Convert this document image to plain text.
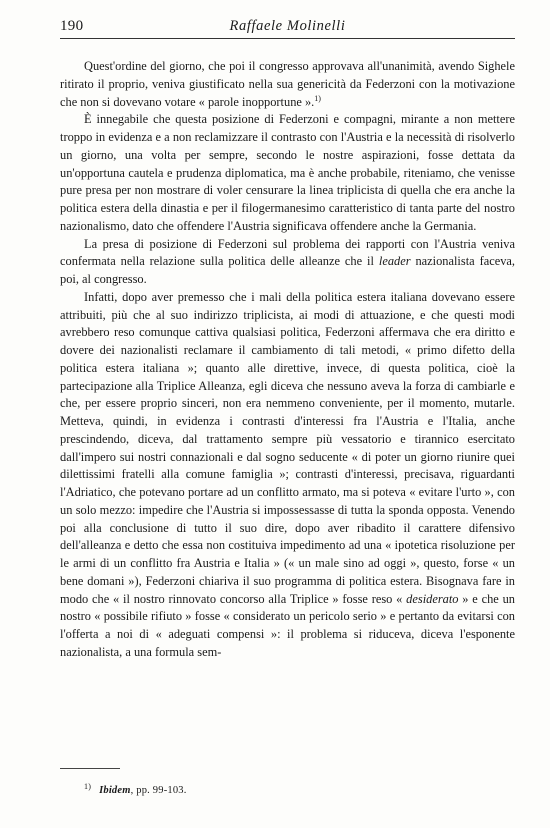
190	Raffaele Molinelli

Quest'ordine del giorno, che poi il congresso approvava all'unanimità, avendo Sighele ritirato il proprio, veniva giustificato nella sua genericità da Federzoni con la motivazione che non si dovevano votare « parole inopportune ».$^{1)}$

È innegabile che questa posizione di Federzoni e compagni, mirante a non mettere troppo in evidenza e a non reclamizzare il contrasto con l'Austria e la necessità di risolverlo un giorno, una volta per sempre, secondo le nostre aspirazioni, fosse dettata da un'opportuna cautela e prudenza diplomatica, ma è anche probabile, riteniamo, che venisse pure presa per non mostrare di voler censurare la linea triplicista di quella che era anche la politica estera della dinastia e per il filogermanesimo caratteristico di tanta parte del nostro nazionalismo, dato che offendere l'Austria significava offendere anche la Germania.

La presa di posizione di Federzoni sul problema dei rapporti con l'Austria veniva confermata nella relazione sulla politica delle alleanze che il leader nazionalista faceva, poi, al congresso.

Infatti, dopo aver premesso che i mali della politica estera italiana dovevano essere attribuiti, più che al suo indirizzo triplicista, ai modi di attuazione, e che questi modi avrebbero reso comunque cattiva qualsiasi politica, Federzoni affermava che era diritto e dovere dei nazionalisti reclamare il cambiamento di tali metodi, « primo difetto della politica estera italiana »; quanto alle direttive, invece, di questa politica, cioè la partecipazione alla Triplice Alleanza, egli diceva che nessuno aveva la forza di cambiarle e che, per essere proprio sinceri, non era nemmeno conveniente, per il momento, mutarle. Metteva, quindi, in evidenza i contrasti d'interessi fra l'Austria e l'Italia, anche prescindendo, diceva, dal trattamento sempre più vessatorio e tirannico esercitato dall'impero sui nostri connazionali e dal sogno seducente « di poter un giorno riunire quei dilettissimi fratelli alla comune famiglia »; contrasti d'interessi, precisava, riguardanti l'Adriatico, che potevano portare ad un conflitto armato, ma si poteva « evitare l'urto », con un solo mezzo: impedire che l'Austria si impossessasse di tutta la sponda opposta. Venendo poi alla conclusione di tutto il suo dire, dopo aver ribadito il carattere difensivo dell'alleanza e detto che essa non costituiva impedimento ad una « ipotetica risoluzione per le armi di un conflitto fra Austria e Italia » (« un male sino ad oggi », questo, forse « un bene domani »), Federzoni chiariva il suo programma di politica estera. Bisognava fare in modo che « il nostro rinnovato concorso alla Triplice » fosse reso « desiderato » e che un nostro « possibile rifiuto » fosse « considerato un pericolo serio » e pertanto da evitarsi con l'offerta a noi di « adeguati compensi »: il problema si riduceva, diceva l'esponente nazionalista, a una formula sem-

$^{1)}$ Ibidem, pp. 99-103.
